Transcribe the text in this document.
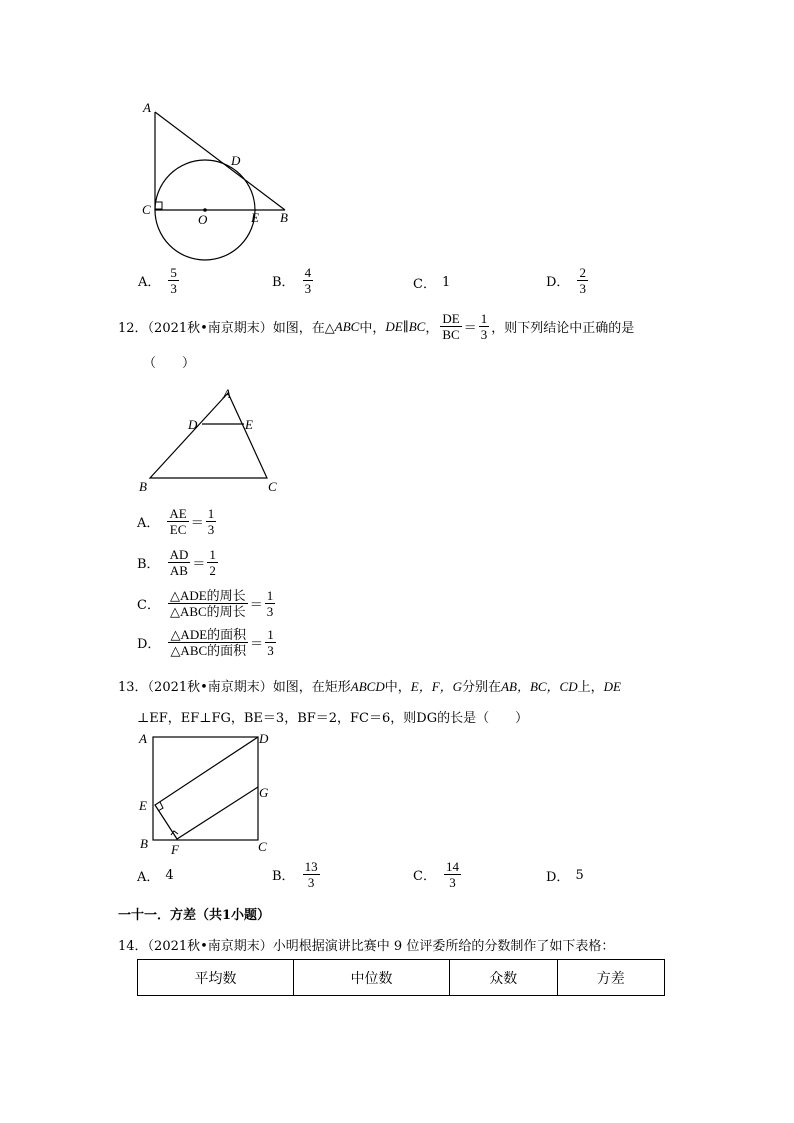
A
D
C
O	E B
A． $\frac{5}{3}$	B． $\frac{4}{3}$	C． 1	D． $\frac{2}{3}$
12．（2021秋•南京期末）如图，在△ ABC 中， DE∥BC ， $\frac{DE}{BC} = \frac{1}{3}$ ，则下列结论中正确的是
（　　）
A
D	E
B	C
A． $\frac{AE}{EC} = \frac{1}{3}$
B． $\frac{AD}{AB} = \frac{1}{2}$
C． $\frac{\text{△ADE的周长}}{\text{△ABC的周长}} = \frac{1}{3}$
D． $\frac{\text{△ADE的面积}}{\text{△ABC的面积}} = \frac{1}{3}$
13．（2021秋•南京期末）如图，在矩形ABCD中，E，F，G分别在AB，BC，CD上，DE
⊥EF，EF⊥FG，BE＝3，BF＝2，FC＝6，则DG的长是（　　）
A	D
E
G
B F	C
A． 4	B． $\frac{13}{3}$	C． $\frac{14}{3}$	D． 5
一十一．方差（共1小题）
14．（2021秋•南京期末）小明根据演讲比赛中 9 位评委所给的分数制作了如下表格：
平均数	中位数	众数	方差
